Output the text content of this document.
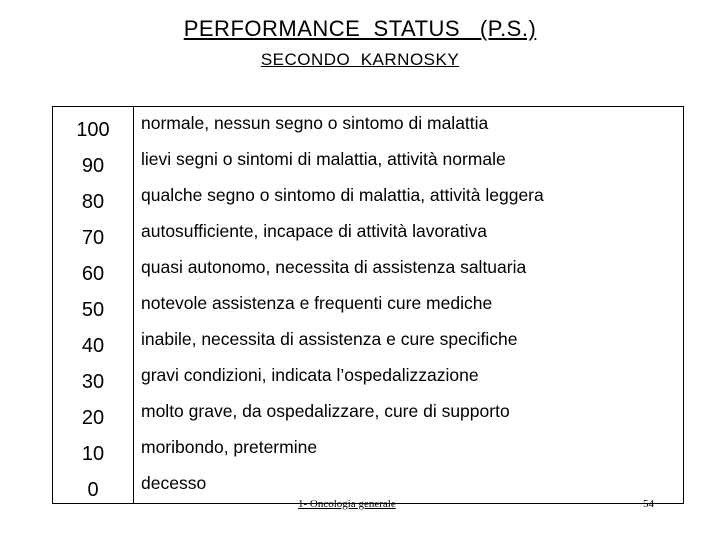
PERFORMANCE  STATUS   (P.S.)
SECONDO  KARNOSKY
100	normale, nessun segno o sintomo di malattia
90	lievi segni o sintomi di malattia, attività normale
80	qualche segno o sintomo di malattia, attività leggera
70	autosufficiente, incapace di attività lavorativa
60	quasi autonomo, necessita di assistenza saltuaria
50	notevole assistenza e frequenti cure mediche
40	inabile, necessita di assistenza e cure specifiche
30	gravi condizioni, indicata l’ospedalizzazione
20	molto grave, da ospedalizzare, cure di supporto
10	moribondo, pretermine
0	decesso
1- Oncologia generale	54
